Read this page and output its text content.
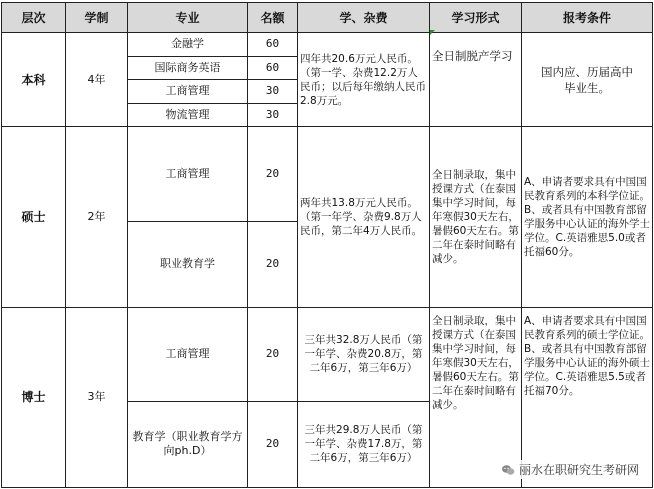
层次	学制	专业	名额	学、杂费	学习形式	报考条件
本科	4年	金融学	60	四年共20.6万元人民币。（第一学、杂费12.2万人民币；以后每年缴纳人民币2.8万元。	全日制脱产学习	国内应、历届高中毕业生。
		国际商务英语	60			
		工商管理	30			
		物流管理	30			
硕士	2年	工商管理	20	两年共13.8万元人民币。（第一年学、杂费9.8万人民币，第二年4万人民币。	全日制录取，集中授课方式（在泰国集中学习时间，每年寒假30天左右，暑假60天左右。第二年在泰时间略有减少。	A、申请者要求具有中国国民教育系列的本科学位证。B、或者具有中国教育部留学服务中心认证的海外学士学位。C.英语雅思5.0或者托福60分。
		职业教育学	20			
博士	3年	工商管理	20	三年共32.8万人民币（第一年学、杂费20.8万，第二年6万，第三年6万）	全日制录取，集中授课方式（在泰国集中学习时间，每年寒假30天左右，暑假60天左右。第二年在泰时间略有减少。	A、申请者要求具有中国国民教育系列的硕士学位证。B、或者具有中国教育部留学服务中心认证的海外硕士学位。C.英语雅思5.5或者托福70分。
		教育学（职业教育学方向ph.D）	20	三年共29.8万人民币（第一年学、杂费17.8万，第二年6万，第三年6万）		
丽水在职研究生考研网
